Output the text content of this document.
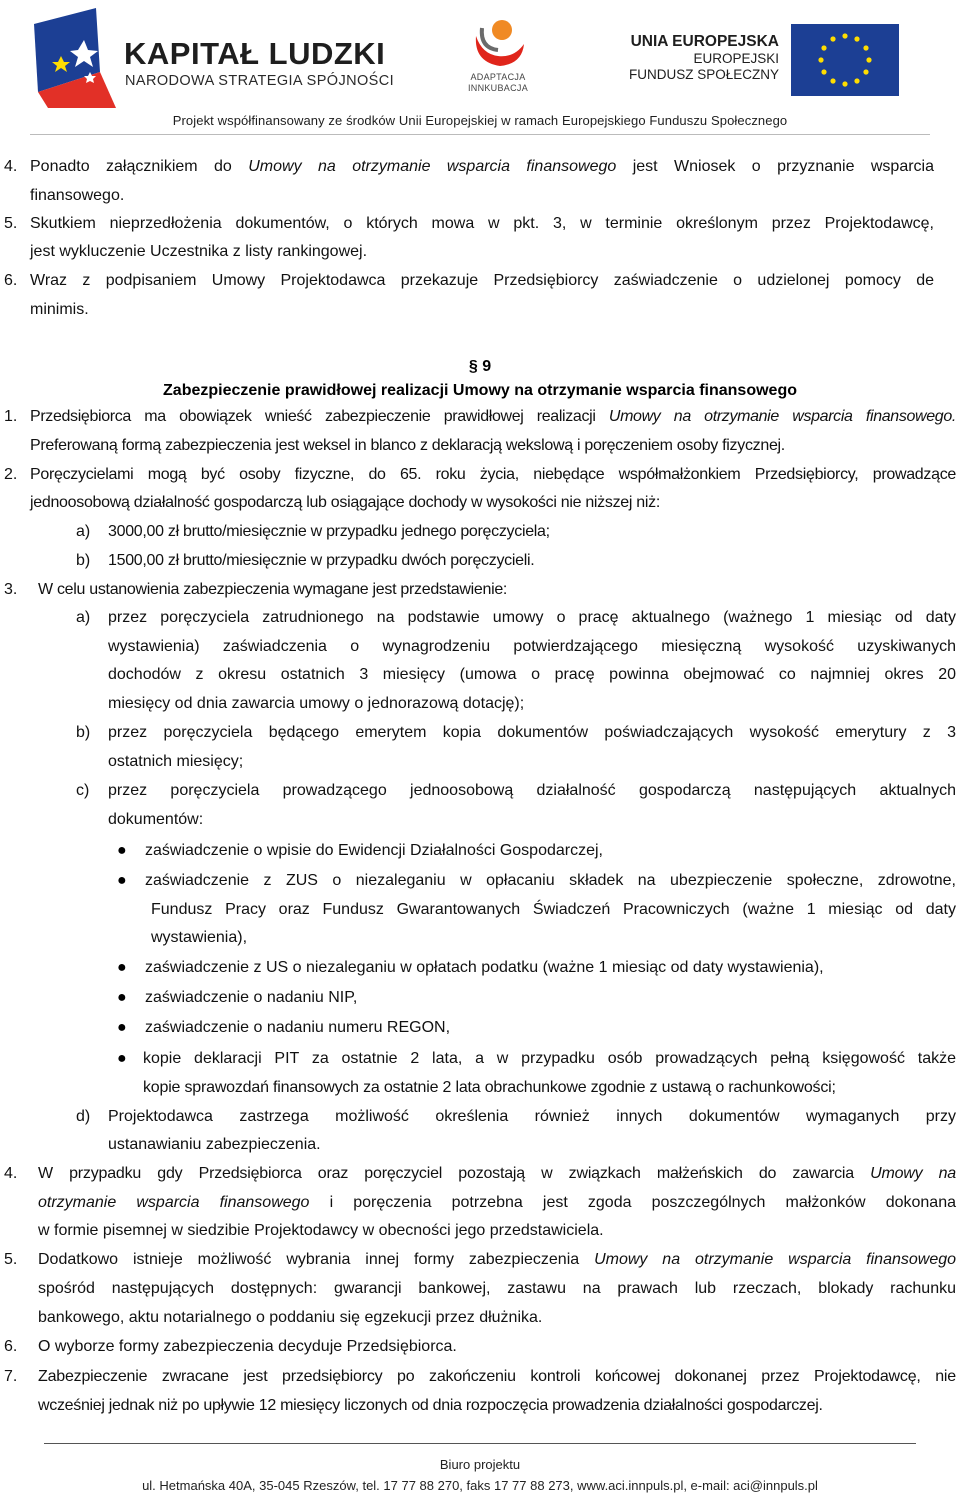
KAPITAŁ LUDZKI
NARODOWA STRATEGIA SPÓJNOŚCI	ADAPTACJA
INNKUBACJA
UNIA EUROPEJSKA
EUROPEJSKI
FUNDUSZ SPOŁECZNY
Projekt współfinansowany ze środków Unii Europejskiej w ramach Europejskiego Funduszu Społecznego
4. Ponadto załącznikiem do Umowy na otrzymanie wsparcia finansowego jest Wniosek o przyznanie wsparcia
finansowego.
5. Skutkiem nieprzedłożenia dokumentów, o których mowa w pkt. 3, w terminie określonym przez Projektodawcę,
jest wykluczenie Uczestnika z listy rankingowej.
6. Wraz z podpisaniem Umowy Projektodawca przekazuje Przedsiębiorcy zaświadczenie o udzielonej pomocy de
minimis.
§ 9
Zabezpieczenie prawidłowej realizacji Umowy na otrzymanie wsparcia finansowego
1. Przedsiębiorca ma obowiązek wnieść zabezpieczenie prawidłowej realizacji Umowy na otrzymanie wsparcia finansowego.
Preferowaną formą zabezpieczenia jest weksel in blanco z deklaracją wekslową i poręczeniem osoby fizycznej.
2. Poręczycielami mogą być osoby fizyczne, do 65. roku życia, niebędące współmałżonkiem Przedsiębiorcy, prowadzące
jednoosobową działalność gospodarczą lub osiągające dochody w wysokości nie niższej niż:
a) 3000,00 zł brutto/miesięcznie w przypadku jednego poręczyciela;
b) 1500,00 zł brutto/miesięcznie w przypadku dwóch poręczycieli.
3. W celu ustanowienia zabezpieczenia wymagane jest przedstawienie:
a) przez poręczyciela zatrudnionego na podstawie umowy o pracę aktualnego (ważnego 1 miesiąc od daty
wystawienia) zaświadczenia o wynagrodzeniu potwierdzającego miesięczną wysokość uzyskiwanych
dochodów z okresu ostatnich 3 miesięcy (umowa o pracę powinna obejmować co najmniej okres 20
miesięcy od dnia zawarcia umowy o jednorazową dotację);
b) przez poręczyciela będącego emerytem kopia dokumentów poświadczających wysokość emerytury z 3
ostatnich miesięcy;
c) przez poręczyciela prowadzącego jednoosobową działalność gospodarczą następujących aktualnych
dokumentów:
● zaświadczenie o wpisie do Ewidencji Działalności Gospodarczej,
● zaświadczenie z ZUS o niezaleganiu w opłacaniu składek na ubezpieczenie społeczne, zdrowotne,
Fundusz Pracy oraz Fundusz Gwarantowanych Świadczeń Pracowniczych (ważne 1 miesiąc od daty
wystawienia),
● zaświadczenie z US o niezaleganiu w opłatach podatku (ważne 1 miesiąc od daty wystawienia),
● zaświadczenie o nadaniu NIP,
● zaświadczenie o nadaniu numeru REGON,
● kopie deklaracji PIT za ostatnie 2 lata, a w przypadku osób prowadzących pełną księgowość także
kopie sprawozdań finansowych za ostatnie 2 lata obrachunkowe zgodnie z ustawą o rachunkowości;
d) Projektodawca zastrzega możliwość określenia również innych dokumentów wymaganych przy
ustanawianiu zabezpieczenia.
4. W przypadku gdy Przedsiębiorca oraz poręczyciel pozostają w związkach małżeńskich do zawarcia Umowy na
otrzymanie wsparcia finansowego i poręczenia potrzebna jest zgoda poszczególnych małżonków dokonana
w formie pisemnej w siedzibie Projektodawcy w obecności jego przedstawiciela.
5. Dodatkowo istnieje możliwość wybrania innej formy zabezpieczenia Umowy na otrzymanie wsparcia finansowego
spośród następujących dostępnych: gwarancji bankowej, zastawu na prawach lub rzeczach, blokady rachunku
bankowego, aktu notarialnego o poddaniu się egzekucji przez dłużnika.
6. O wyborze formy zabezpieczenia decyduje Przedsiębiorca.
7. Zabezpieczenie zwracane jest przedsiębiorcy po zakończeniu kontroli końcowej dokonanej przez Projektodawcę, nie
wcześniej jednak niż po upływie 12 miesięcy liczonych od dnia rozpoczęcia prowadzenia działalności gospodarczej.
Biuro projektu
ul. Hetmańska 40A, 35-045 Rzeszów, tel. 17 77 88 270, faks 17 77 88 273, www.aci.innpuls.pl, e-mail: aci@innpuls.pl
